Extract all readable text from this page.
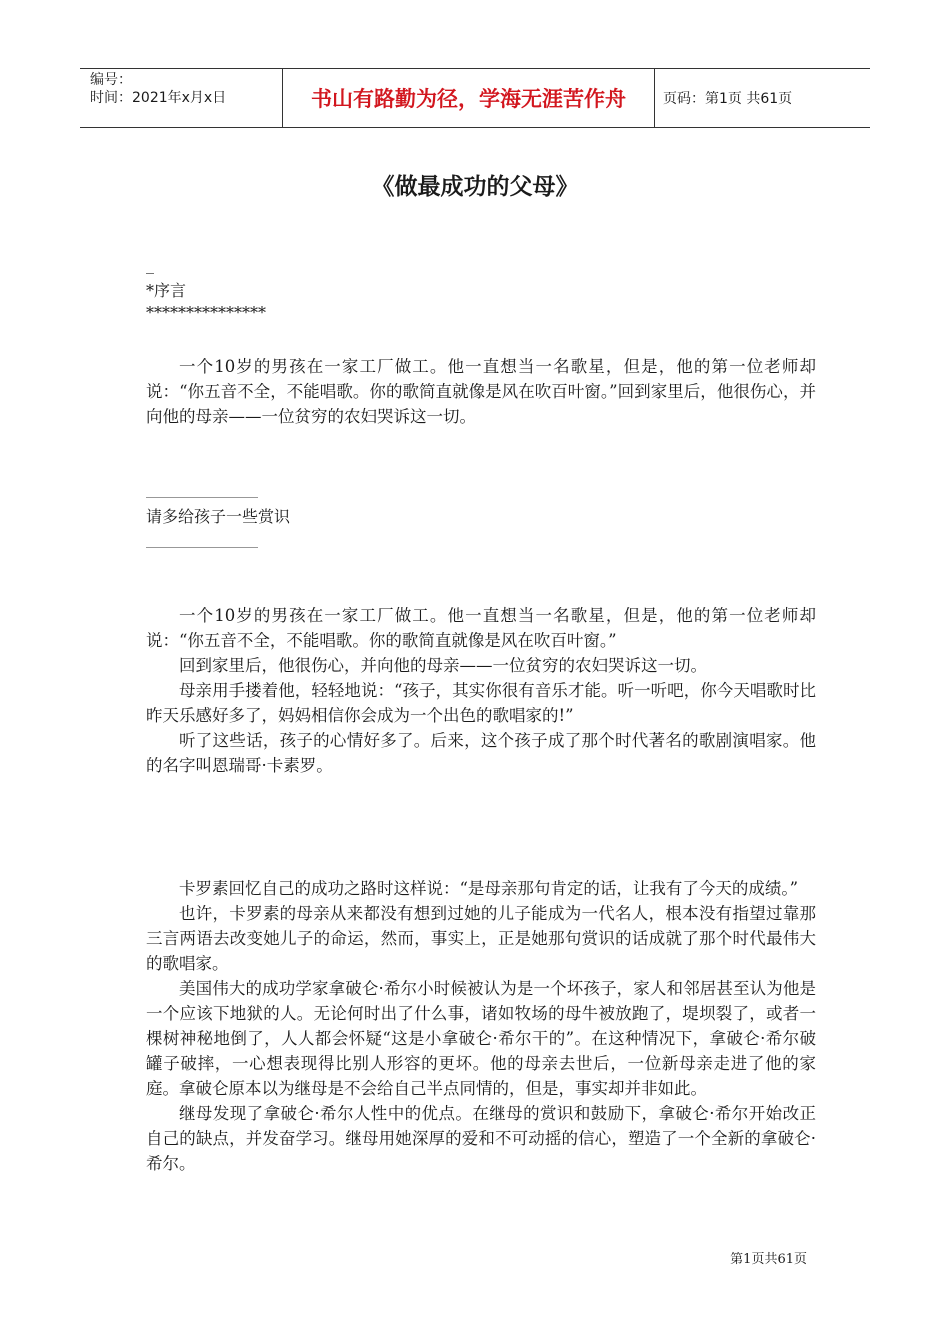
编号：
时间：2021年x月x日	书山有路勤为径，学海无涯苦作舟	页码：第1页 共61页
《做最成功的父母》
_
*序言
***************

一个10岁的男孩在一家工厂做工。他一直想当一名歌星，但是，他的第一位老师却说：“你五音不全，不能唱歌。你的歌简直就像是风在吹百叶窗。”回到家里后，他很伤心，并向他的母亲——一位贫穷的农妇哭诉这一切。

______________
请多给孩子一些赏识
______________

一个10岁的男孩在一家工厂做工。他一直想当一名歌星，但是，他的第一位老师却说：“你五音不全，不能唱歌。你的歌简直就像是风在吹百叶窗。”

回到家里后，他很伤心，并向他的母亲——一位贫穷的农妇哭诉这一切。

母亲用手搂着他，轻轻地说：“孩子，其实你很有音乐才能。听一听吧，你今天唱歌时比昨天乐感好多了，妈妈相信你会成为一个出色的歌唱家的!”

听了这些话，孩子的心情好多了。后来，这个孩子成了那个时代著名的歌剧演唱家。他的名字叫恩瑞哥·卡素罗。

卡罗素回忆自己的成功之路时这样说：“是母亲那句肯定的话，让我有了今天的成绩。”

也许，卡罗素的母亲从来都没有想到过她的儿子能成为一代名人，根本没有指望过靠那三言两语去改变她儿子的命运，然而，事实上，正是她那句赏识的话成就了那个时代最伟大的歌唱家。

美国伟大的成功学家拿破仑·希尔小时候被认为是一个坏孩子，家人和邻居甚至认为他是一个应该下地狱的人。无论何时出了什么事，诸如牧场的母牛被放跑了，堤坝裂了，或者一棵树神秘地倒了，人人都会怀疑“这是小拿破仑·希尔干的”。在这种情况下，拿破仑·希尔破罐子破摔，一心想表现得比别人形容的更坏。他的母亲去世后，一位新母亲走进了他的家庭。拿破仑原本以为继母是不会给自己半点同情的，但是，事实却并非如此。

继母发现了拿破仑·希尔人性中的优点。在继母的赏识和鼓励下，拿破仑·希尔开始改正自己的缺点，并发奋学习。继母用她深厚的爱和不可动摇的信心，塑造了一个全新的拿破仑·希尔。

第1页共61页
